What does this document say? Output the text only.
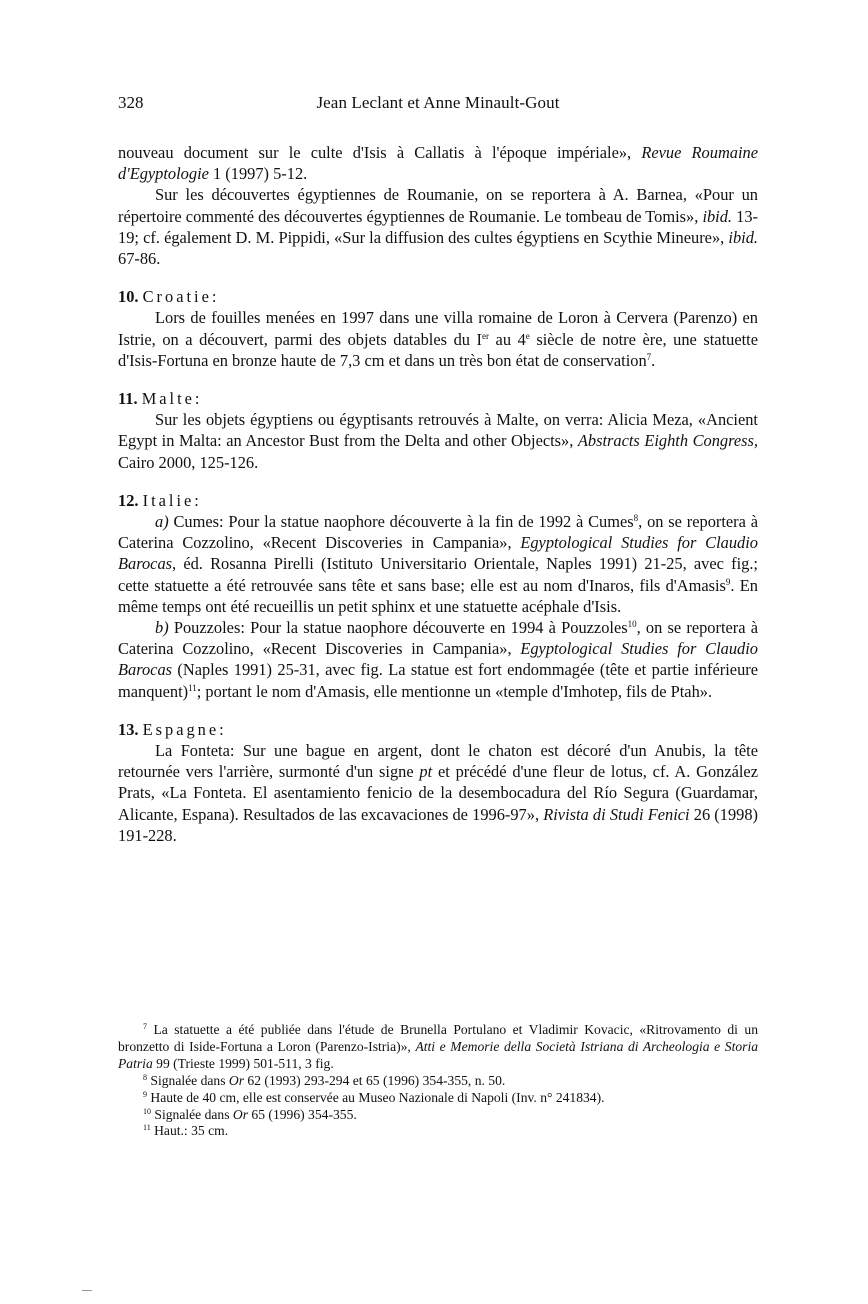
328	Jean Leclant et Anne Minault-Gout

nouveau document sur le culte d'Isis à Callatis à l'époque impériale», Revue Roumaine d'Egyptologie 1 (1997) 5-12.

Sur les découvertes égyptiennes de Roumanie, on se reportera à A. Barnea, «Pour un répertoire commenté des découvertes égyptiennes de Roumanie. Le tombeau de Tomis», ibid. 13-19; cf. également D. M. Pippidi, «Sur la diffusion des cultes égyptiens en Scythie Mineure», ibid. 67-86.

10. Croatie:

Lors de fouilles menées en 1997 dans une villa romaine de Loron à Cervera (Parenzo) en Istrie, on a découvert, parmi des objets datables du Ier au 4e siècle de notre ère, une statuette d'Isis-Fortuna en bronze haute de 7,3 cm et dans un très bon état de conservation$^7$.

11. Malte:

Sur les objets égyptiens ou égyptisants retrouvés à Malte, on verra: Alicia Meza, «Ancient Egypt in Malta: an Ancestor Bust from the Delta and other Objects», Abstracts Eighth Congress, Cairo 2000, 125-126.

12. Italie:

a) Cumes: Pour la statue naophore découverte à la fin de 1992 à Cumes$^8$, on se reportera à Caterina Cozzolino, «Recent Discoveries in Campania», Egyptological Studies for Claudio Barocas, éd. Rosanna Pirelli (Istituto Universitario Orientale, Naples 1991) 21-25, avec fig.; cette statuette a été retrouvée sans tête et sans base; elle est au nom d'Inaros, fils d'Amasis$^9$. En même temps ont été recueillis un petit sphinx et une statuette acéphale d'Isis.

b) Pouzzoles: Pour la statue naophore découverte en 1994 à Pouzzoles$^{10}$, on se reportera à Caterina Cozzolino, «Recent Discoveries in Campania», Egyptological Studies for Claudio Barocas (Naples 1991) 25-31, avec fig. La statue est fort endommagée (tête et partie inférieure manquent)$^{11}$; portant le nom d'Amasis, elle mentionne un «temple d'Imhotep, fils de Ptah».

13. Espagne:

La Fonteta: Sur une bague en argent, dont le chaton est décoré d'un Anubis, la tête retournée vers l'arrière, surmonté d'un signe pt et précédé d'une fleur de lotus, cf. A. González Prats, «La Fonteta. El asentamiento fenicio de la desembocadura del Río Segura (Guardamar, Alicante, Espana). Resultados de las excavaciones de 1996-97», Rivista di Studi Fenici 26 (1998) 191-228.

$^7$ La statuette a été publiée dans l'étude de Brunella Portulano et Vladimir Kovacic, «Ritrovamento di un bronzetto di Iside-Fortuna a Loron (Parenzo-Istria)», Atti e Memorie della Società Istriana di Archeologia e Storia Patria 99 (Trieste 1999) 501-511, 3 fig.

$^8$ Signalée dans Or 62 (1993) 293-294 et 65 (1996) 354-355, n. 50.

$^9$ Haute de 40 cm, elle est conservée au Museo Nazionale di Napoli (Inv. n° 241834).

$^{10}$ Signalée dans Or 65 (1996) 354-355.

$^{11}$ Haut.: 35 cm.
